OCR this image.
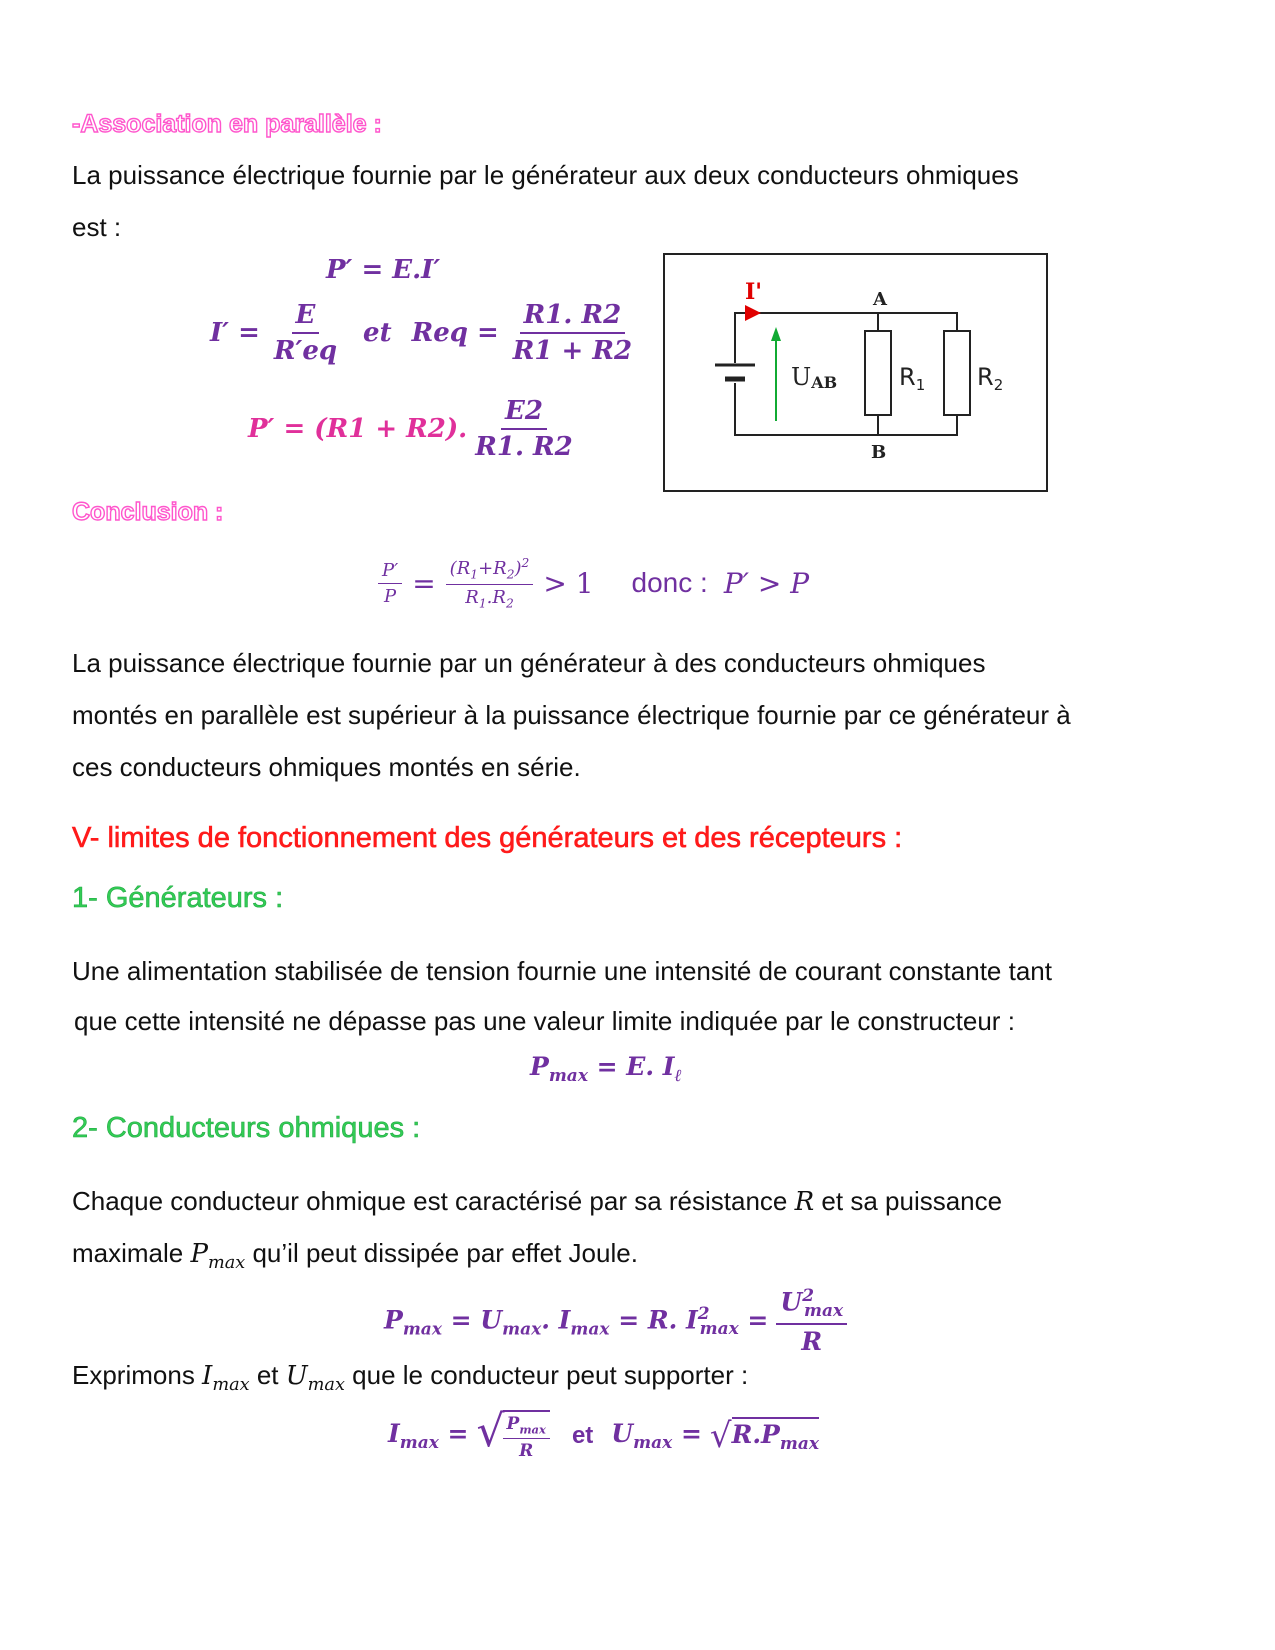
-Association en parallèle :
La puissance électrique fournie par le générateur aux deux conducteurs ohmiques
est :
P′ = E.I′
$I' = \frac{E}{R'eq}$ et Req = $\frac{R1. R2}{R1 + R2}$
P′ = (R1 + R2). $\frac{E2}{R1. R2}$
I'	A
B
UAB	$R_1$ $R_2$
Conclusion :
$\frac{P'}{P} = \frac{(R_1+R_2)^2}{R_1.R_2} > 1$ donc : P′ > P
La puissance électrique fournie par un générateur à des conducteurs ohmiques
montés en parallèle est supérieur à la puissance électrique fournie par ce générateur à
ces conducteurs ohmiques montés en série.
V- limites de fonctionnement des générateurs et des récepteurs :
1- Générateurs :
Une alimentation stabilisée de tension fournie une intensité de courant constante tant
que cette intensité ne dépasse pas une valeur limite indiquée par le constructeur :
$P_{max} = E$. $I_\ell$
2- Conducteurs ohmiques :
Chaque conducteur ohmique est caractérisé par sa résistance R et sa puissance
maximale $P_{max}$ qu’il peut dissipée par effet Joule.
$P_{max} = U_{max}$. $I_{max} = R$. $I^2_{max} = \frac{U^2_{max}}{R}$
Exprimons $I_{max}$ et $U_{max}$ que le conducteur peut supporter :
$I_{max}$ = √
$\frac{P_{max}}{R}$ et $U_{max}$ = √ $R.P_{max}$
